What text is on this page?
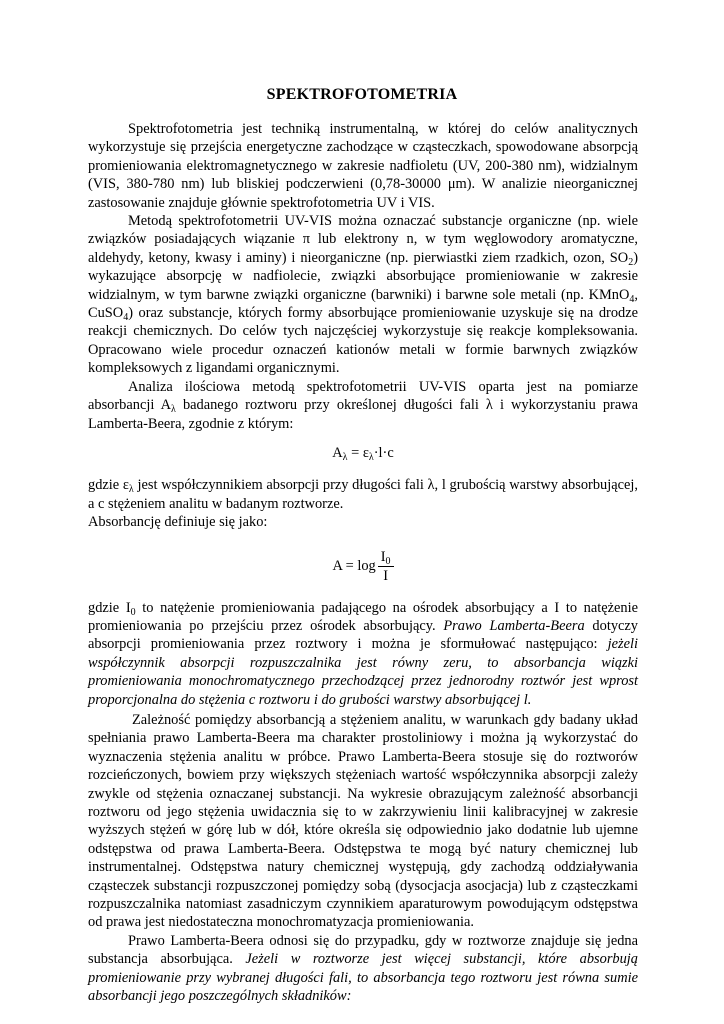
SPEKTROFOTOMETRIA

Spektrofotometria jest techniką instrumentalną, w której do celów analitycznych wykorzystuje się przejścia energetyczne zachodzące w cząsteczkach, spowodowane absorpcją promieniowania elektromagnetycznego w zakresie nadfioletu (UV, 200-380 nm), widzialnym (VIS, 380-780 nm) lub bliskiej podczerwieni (0,78-30000 μm). W analizie nieorganicznej zastosowanie znajduje głównie spektrofotometria UV i VIS.

Metodą spektrofotometrii UV-VIS można oznaczać substancje organiczne (np. wiele związków posiadających wiązanie π lub elektrony n, w tym węglowodory aromatyczne, aldehydy, ketony, kwasy i aminy) i nieorganiczne (np. pierwiastki ziem rzadkich, ozon, $SO_2$) wykazujące absorpcję w nadfiolecie, związki absorbujące promieniowanie w zakresie widzialnym, w tym barwne związki organiczne (barwniki) i barwne sole metali (np. KMnO$_4$, CuSO$_4$) oraz substancje, których formy absorbujące promieniowanie uzyskuje się na drodze reakcji chemicznych. Do celów tych najczęściej wykorzystuje się reakcje kompleksowania. Opracowano wiele procedur oznaczeń kationów metali w formie barwnych związków kompleksowych z ligandami organicznymi.

Analiza ilościowa metodą spektrofotometrii UV-VIS oparta jest na pomiarze absorbancji $A_\lambda$ badanego roztworu przy określonej długości fali λ i wykorzystaniu prawa Lamberta-Beera, zgodnie z którym:

$A_\lambda = \varepsilon_\lambda\cdot l\cdot c$

gdzie $\varepsilon_\lambda$ jest współczynnikiem absorpcji przy długości fali λ, l grubością warstwy absorbującej, a c stężeniem analitu w badanym roztworze.

Absorbancję definiuje się jako:

$A = \log \frac{I_0}{I}$

gdzie $I_0$ to natężenie promieniowania padającego na ośrodek absorbujący a I to natężenie promieniowania po przejściu przez ośrodek absorbujący. Prawo Lamberta-Beera dotyczy absorpcji promieniowania przez roztwory i można je sformułować następująco: jeżeli współczynnik absorpcji rozpuszczalnika jest równy zeru, to absorbancja wiązki promieniowania monochromatycznego przechodzącej przez jednorodny roztwór jest wprost proporcjonalna do stężenia c roztworu i do grubości warstwy absorbującej l.

Zależność pomiędzy absorbancją a stężeniem analitu, w warunkach gdy badany układ spełniania prawo Lamberta-Beera ma charakter prostoliniowy i można ją wykorzystać do wyznaczenia stężenia analitu w próbce. Prawo Lamberta-Beera stosuje się do roztworów rozcieńczonych, bowiem przy większych stężeniach wartość współczynnika absorpcji zależy zwykle od stężenia oznaczanej substancji. Na wykresie obrazującym zależność absorbancji roztworu od jego stężenia uwidacznia się to w zakrzywieniu linii kalibracyjnej w zakresie wyższych stężeń w górę lub w dół, które określa się odpowiednio jako dodatnie lub ujemne odstępstwa od prawa Lamberta-Beera. Odstępstwa te mogą być natury chemicznej lub instrumentalnej. Odstępstwa natury chemicznej występują, gdy zachodzą oddziaływania cząsteczek substancji rozpuszczonej pomiędzy sobą (dysocjacja asocjacja) lub z cząsteczkami rozpuszczalnika natomiast zasadniczym czynnikiem aparaturowym powodującym odstępstwa od prawa jest niedostateczna monochromatyzacja promieniowania.

Prawo Lamberta-Beera odnosi się do przypadku, gdy w roztworze znajduje się jedna substancja absorbująca. Jeżeli w roztworze jest więcej substancji, które absorbują promieniowanie przy wybranej długości fali, to absorbancja tego roztworu jest równa sumie absorbancji jego poszczególnych składników:
